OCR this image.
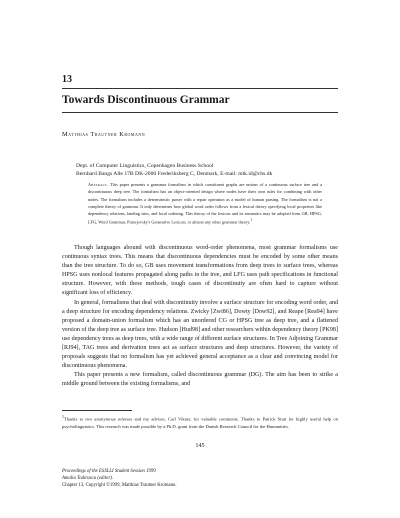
13
Towards Discontinuous Grammar
Matthias Trautner Kromann
Dept. of Computer Linguistics, Copenhagen Business School
Bernhard Bangs Alle 17B DK-2000 Frederiksberg C, Denmark, E-mail: mtk.id@cbs.dk
Abstract. This paper presents a grammar formalism in which constituent graphs are unions of a continuous surface tree and a discontinuous deep tree. The formalism has an object-oriented design where nodes have their own rules for combining with other nodes. The formalism includes a deterministic parser with a repair operation as a model of human parsing. The formalism is not a complete theory of grammar. It only determines how global word order follows from a lexical theory specifying local properties like dependency relations, landing sites, and local ordering. This theory of the lexicon and its semantics may be adopted from GB, HPSG, LFG, Word Grammar, Pustejovsky's Generative Lexicon, or almost any other grammar theory.$^1$

Though languages abound with discontinuous word-order phenomena, most grammar formalisms use continuous syntax trees. This means that discontinuous dependencies must be encoded by some other means than the tree structure. To do so, GB uses movement transformations from deep trees to surface trees, whereas HPSG uses nonlocal features propagated along paths in the tree, and LFG uses path specifications in functional structure. However, with these methods, tough cases of discontinuity are often hard to capture without significant loss of efficiency.

In general, formalisms that deal with discontinuity involve a surface structure for encoding word order, and a deep structure for encoding dependency relations. Zwicky [Zwi86], Dowty [Dow92], and Reape [Rea94] have proposed a domain-union formalism which has an unordered CG or HPSG tree as deep tree, and a flattened version of the deep tree as surface tree. Hudson [Hud98] and other researchers within dependency theory [PK98] use dependency trees as deep trees, with a wide range of different surface structures. In Tree Adjoining Grammar [RJ94], TAG trees and derivation trees act as surface structures and deep structures. However, the variety of proposals suggests that no formalism has yet achieved general acceptance as a clear and convincing model for discontinuous phenomena.

This paper presents a new formalism, called discontinuous grammar (DG). The aim has been to strike a middle ground between the existing formalisms, and

$^1$Thanks to two anonymous referees and my advisor, Carl Vikner, for valuable comments. Thanks to Patrick Stutt for highly useful help on psycholinguistics. This research was made possible by a Ph.D. grant from the Danish Research Council for the Humanities.
145
Proceedings of the ESSLLI Student Session 1999
Amalia Todirascu (editor).
Chapter 13, Copyright ©1999, Matthias Trautner Kromann.
